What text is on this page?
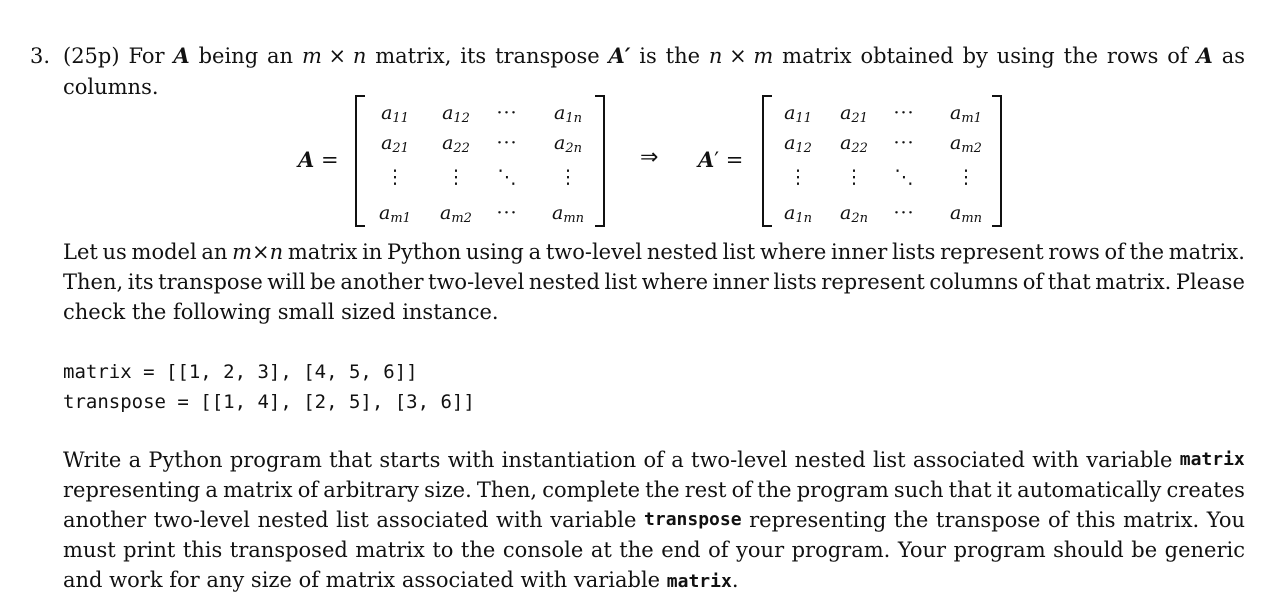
3. (25p) For A being an m × n matrix, its transpose A′ is the n × m matrix obtained by using the rows of A as
columns.
A =
$a_{11}$	$a_{12}$	···	$a_{1n}$
$a_{21}$	$a_{22}$	···	$a_{2n}$
⋮	⋮	⋱	⋮
$a_{m1}$	$a_{m2}$	···	$a_{mn}$
⇒ A′ =
$a_{11}$	$a_{21}$	···	$a_{m1}$
$a_{12}$	$a_{22}$	···	$a_{m2}$
⋮	⋮	⋱	⋮
$a_{1n}$	$a_{2n}$	···	$a_{mn}$
Let us model an m×n matrix in Python using a two-level nested list where inner lists represent rows of the matrix.
Then, its transpose will be another two-level nested list where inner lists represent columns of that matrix. Please
check the following small sized instance.
matrix = [[1, 2, 3], [4, 5, 6]]
transpose = [[1, 4], [2, 5], [3, 6]]
Write a Python program that starts with instantiation of a two-level nested list associated with variable matrix
representing a matrix of arbitrary size. Then, complete the rest of the program such that it automatically creates
another two-level nested list associated with variable transpose representing the transpose of this matrix. You
must print this transposed matrix to the console at the end of your program. Your program should be generic
and work for any size of matrix associated with variable matrix.
